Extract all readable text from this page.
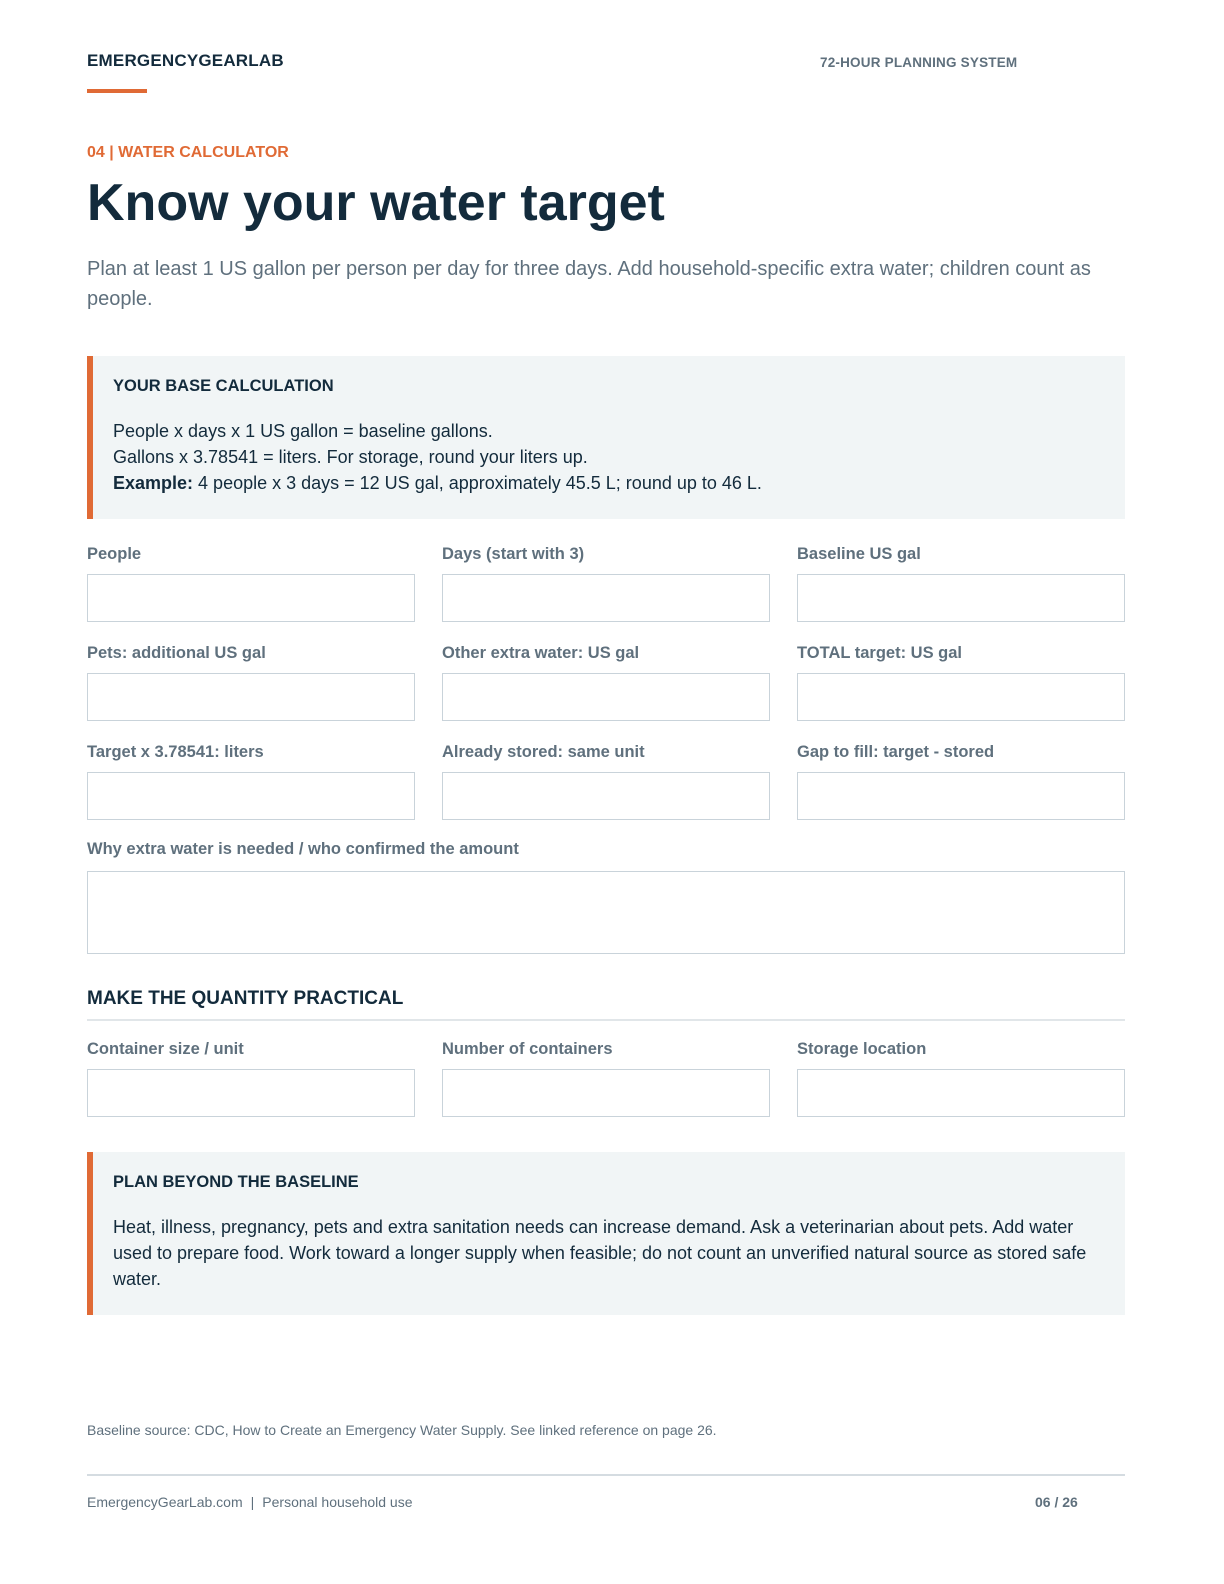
EMERGENCYGEARLAB	72-HOUR PLANNING SYSTEM
04 | WATER CALCULATOR
Know your water target

Plan at least 1 US gallon per person per day for three days. Add household-specific extra water; children count as people.

YOUR BASE CALCULATION

People x days x 1 US gallon = baseline gallons.
Gallons x 3.78541 = liters. For storage, round your liters up.
Example: 4 people x 3 days = 12 US gal, approximately 45.5 L; round up to 46 L.
People	Days (start with 3)	Baseline US gal
Pets: additional US gal	Other extra water: US gal	TOTAL target: US gal
Target x 3.78541: liters	Already stored: same unit	Gap to fill: target - stored
Why extra water is needed / who confirmed the amount
MAKE THE QUANTITY PRACTICAL
Container size / unit	Number of containers	Storage location

PLAN BEYOND THE BASELINE

Heat, illness, pregnancy, pets and extra sanitation needs can increase demand. Ask a veterinarian about pets. Add water used to prepare food. Work toward a longer supply when feasible; do not count an unverified natural source as stored safe water.

Baseline source: CDC, How to Create an Emergency Water Supply. See linked reference on page 26.
EmergencyGearLab.com | Personal household use	06 / 26
